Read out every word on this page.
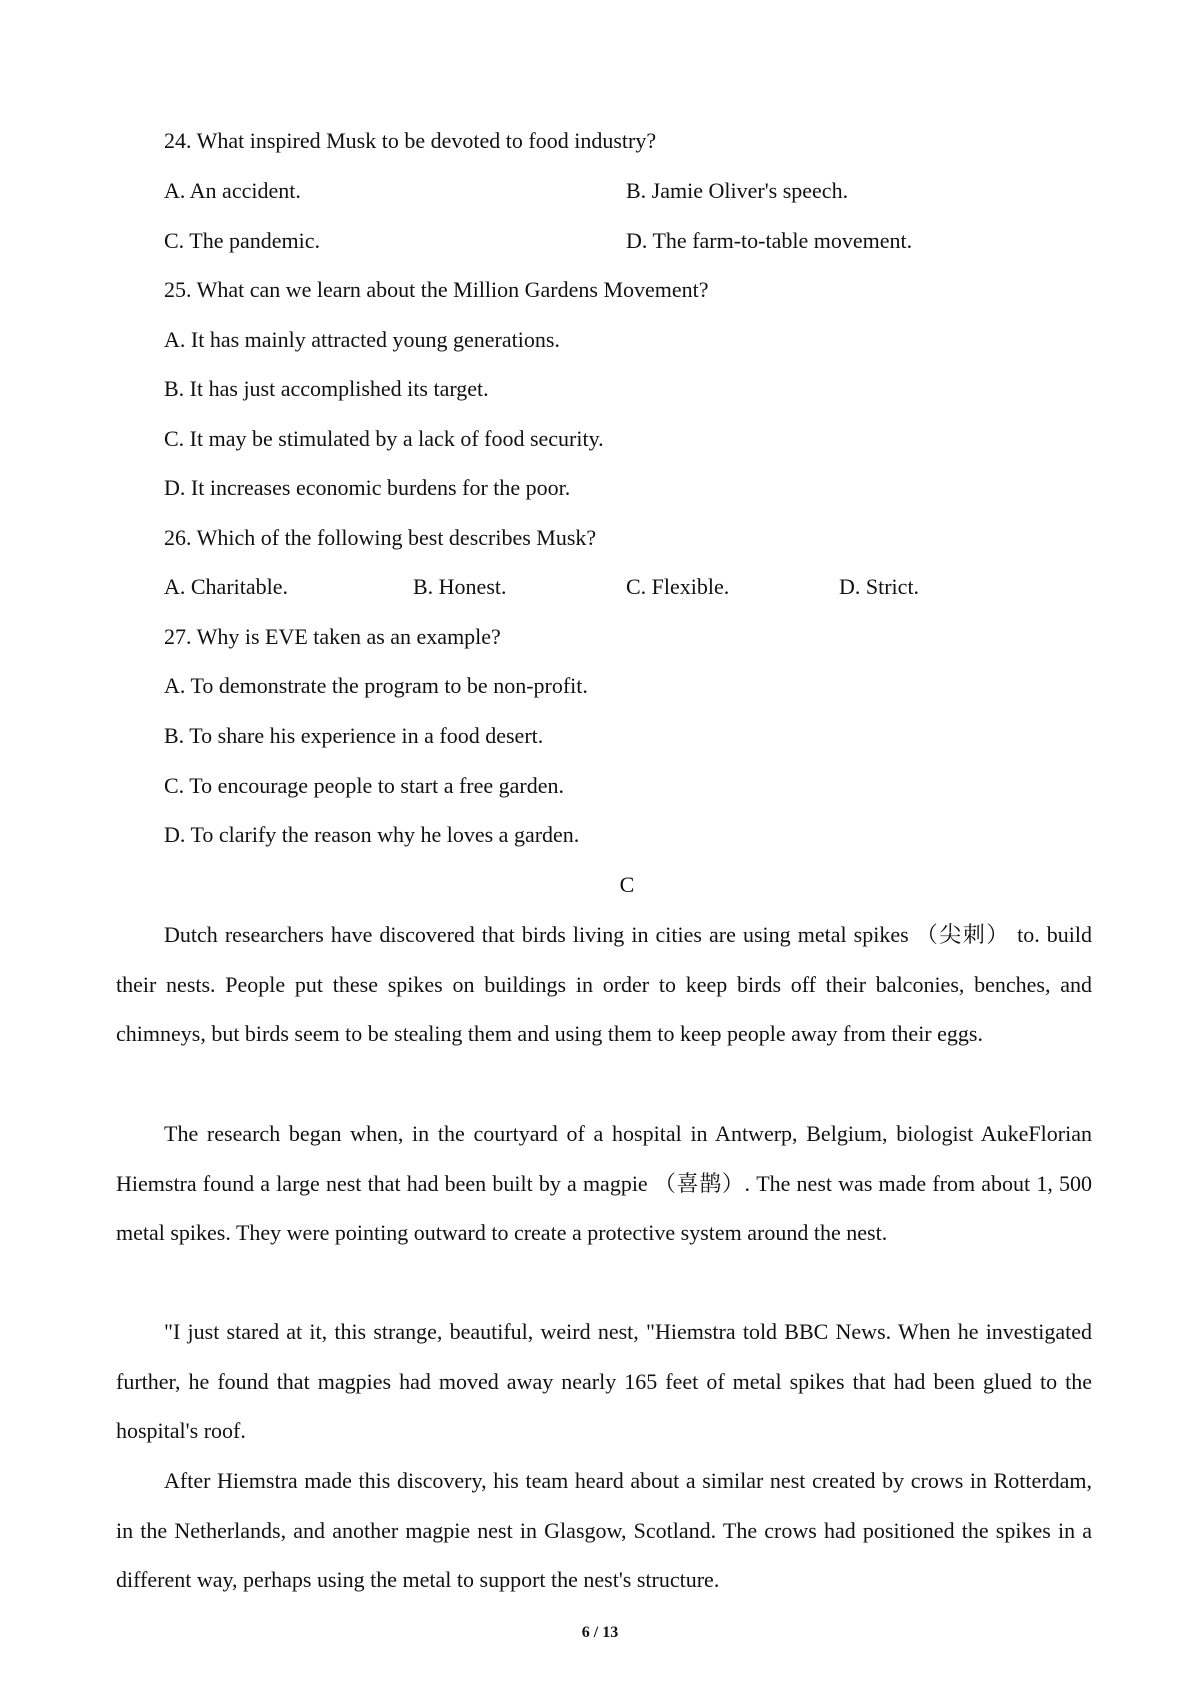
24. What inspired Musk to be devoted to food industry?
A. An accident.	B. Jamie Oliver's speech.
C. The pandemic.	D. The farm-to-table movement.
25. What can we learn about the Million Gardens Movement?
A. It has mainly attracted young generations.
B. It has just accomplished its target.
C. It may be stimulated by a lack of food security.
D. It increases economic burdens for the poor.
26. Which of the following best describes Musk?
A. Charitable.	B. Honest.	C. Flexible.	D. Strict.
27. Why is EVE taken as an example?
A. To demonstrate the program to be non-profit.
B. To share his experience in a food desert.
C. To encourage people to start a free garden.
D. To clarify the reason why he loves a garden.
C

Dutch researchers have discovered that birds living in cities are using metal spikes （尖刺） to. build their nests. People put these spikes on buildings in order to keep birds off their balconies, benches, and chimneys, but birds seem to be stealing them and using them to keep people away from their eggs.

The research began when, in the courtyard of a hospital in Antwerp, Belgium, biologist AukeFlorian Hiemstra found a large nest that had been built by a magpie （喜鹊）. The nest was made from about 1, 500 metal spikes. They were pointing outward to create a protective system around the nest.

"I just stared at it, this strange, beautiful, weird nest, "Hiemstra told BBC News. When he investigated further, he found that magpies had moved away nearly 165 feet of metal spikes that had been glued to the hospital's roof.

After Hiemstra made this discovery, his team heard about a similar nest created by crows in Rotterdam, in the Netherlands, and another magpie nest in Glasgow, Scotland. The crows had positioned the spikes in a different way, perhaps using the metal to support the nest's structure.

6 / 13
